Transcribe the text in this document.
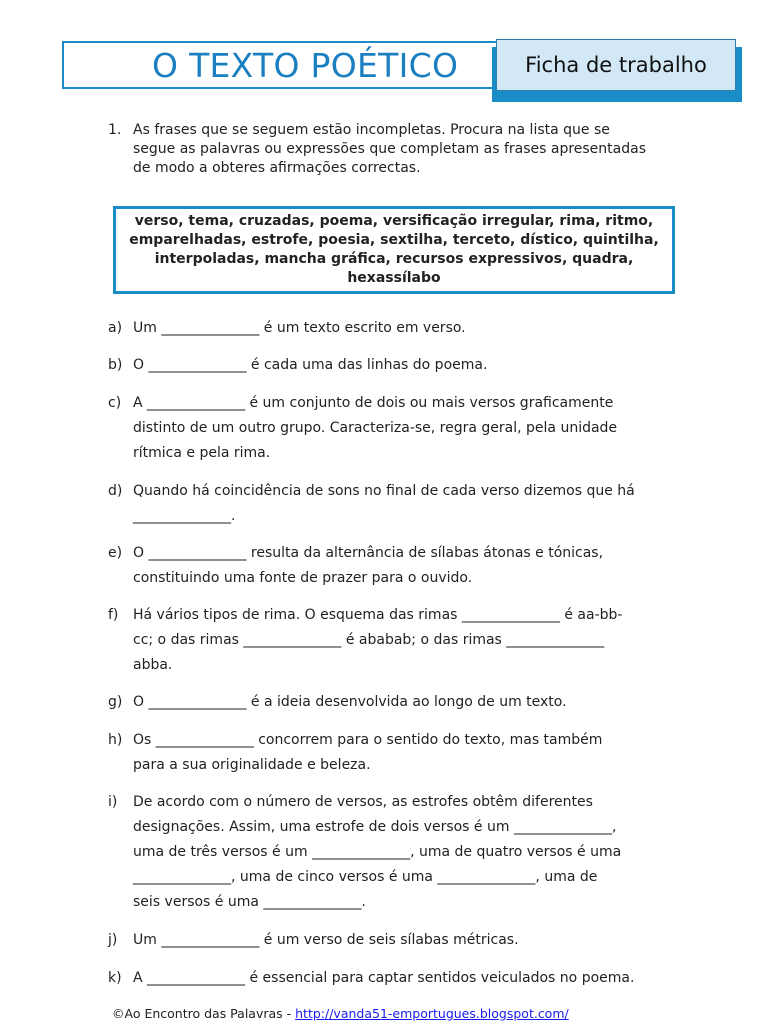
O TEXTO POÉTICO	Ficha de trabalho
1. As frases que se seguem estão incompletas. Procura na lista que se
segue as palavras ou expressões que completam as frases apresentadas
de modo a obteres afirmações correctas.
verso, tema, cruzadas, poema, versificação irregular, rima, ritmo,
emparelhadas, estrofe, poesia, sextilha, terceto, dístico, quintilha,
interpoladas, mancha gráfica, recursos expressivos, quadra,
hexassílabo
a) Um ______________ é um texto escrito em verso.
b) O ______________ é cada uma das linhas do poema.
c) A ______________ é um conjunto de dois ou mais versos graficamente
distinto de um outro grupo. Caracteriza-se, regra geral, pela unidade
rítmica e pela rima.
d) Quando há coincidência de sons no final de cada verso dizemos que há
______________.
e) O ______________ resulta da alternância de sílabas átonas e tónicas,
constituindo uma fonte de prazer para o ouvido.
f) Há vários tipos de rima. O esquema das rimas ______________ é aa-bb-
cc; o das rimas ______________ é ababab; o das rimas ______________
abba.
g) O ______________ é a ideia desenvolvida ao longo de um texto.
h) Os ______________ concorrem para o sentido do texto, mas também
para a sua originalidade e beleza.
i) De acordo com o número de versos, as estrofes obtêm diferentes
designações. Assim, uma estrofe de dois versos é um ______________,
uma de três versos é um ______________, uma de quatro versos é uma
______________, uma de cinco versos é uma ______________, uma de
seis versos é uma ______________.
j) Um ______________ é um verso de seis sílabas métricas.
k) A ______________ é essencial para captar sentidos veiculados no poema.
©Ao Encontro das Palavras - http://vanda51-emportugues.blogspot.com/
